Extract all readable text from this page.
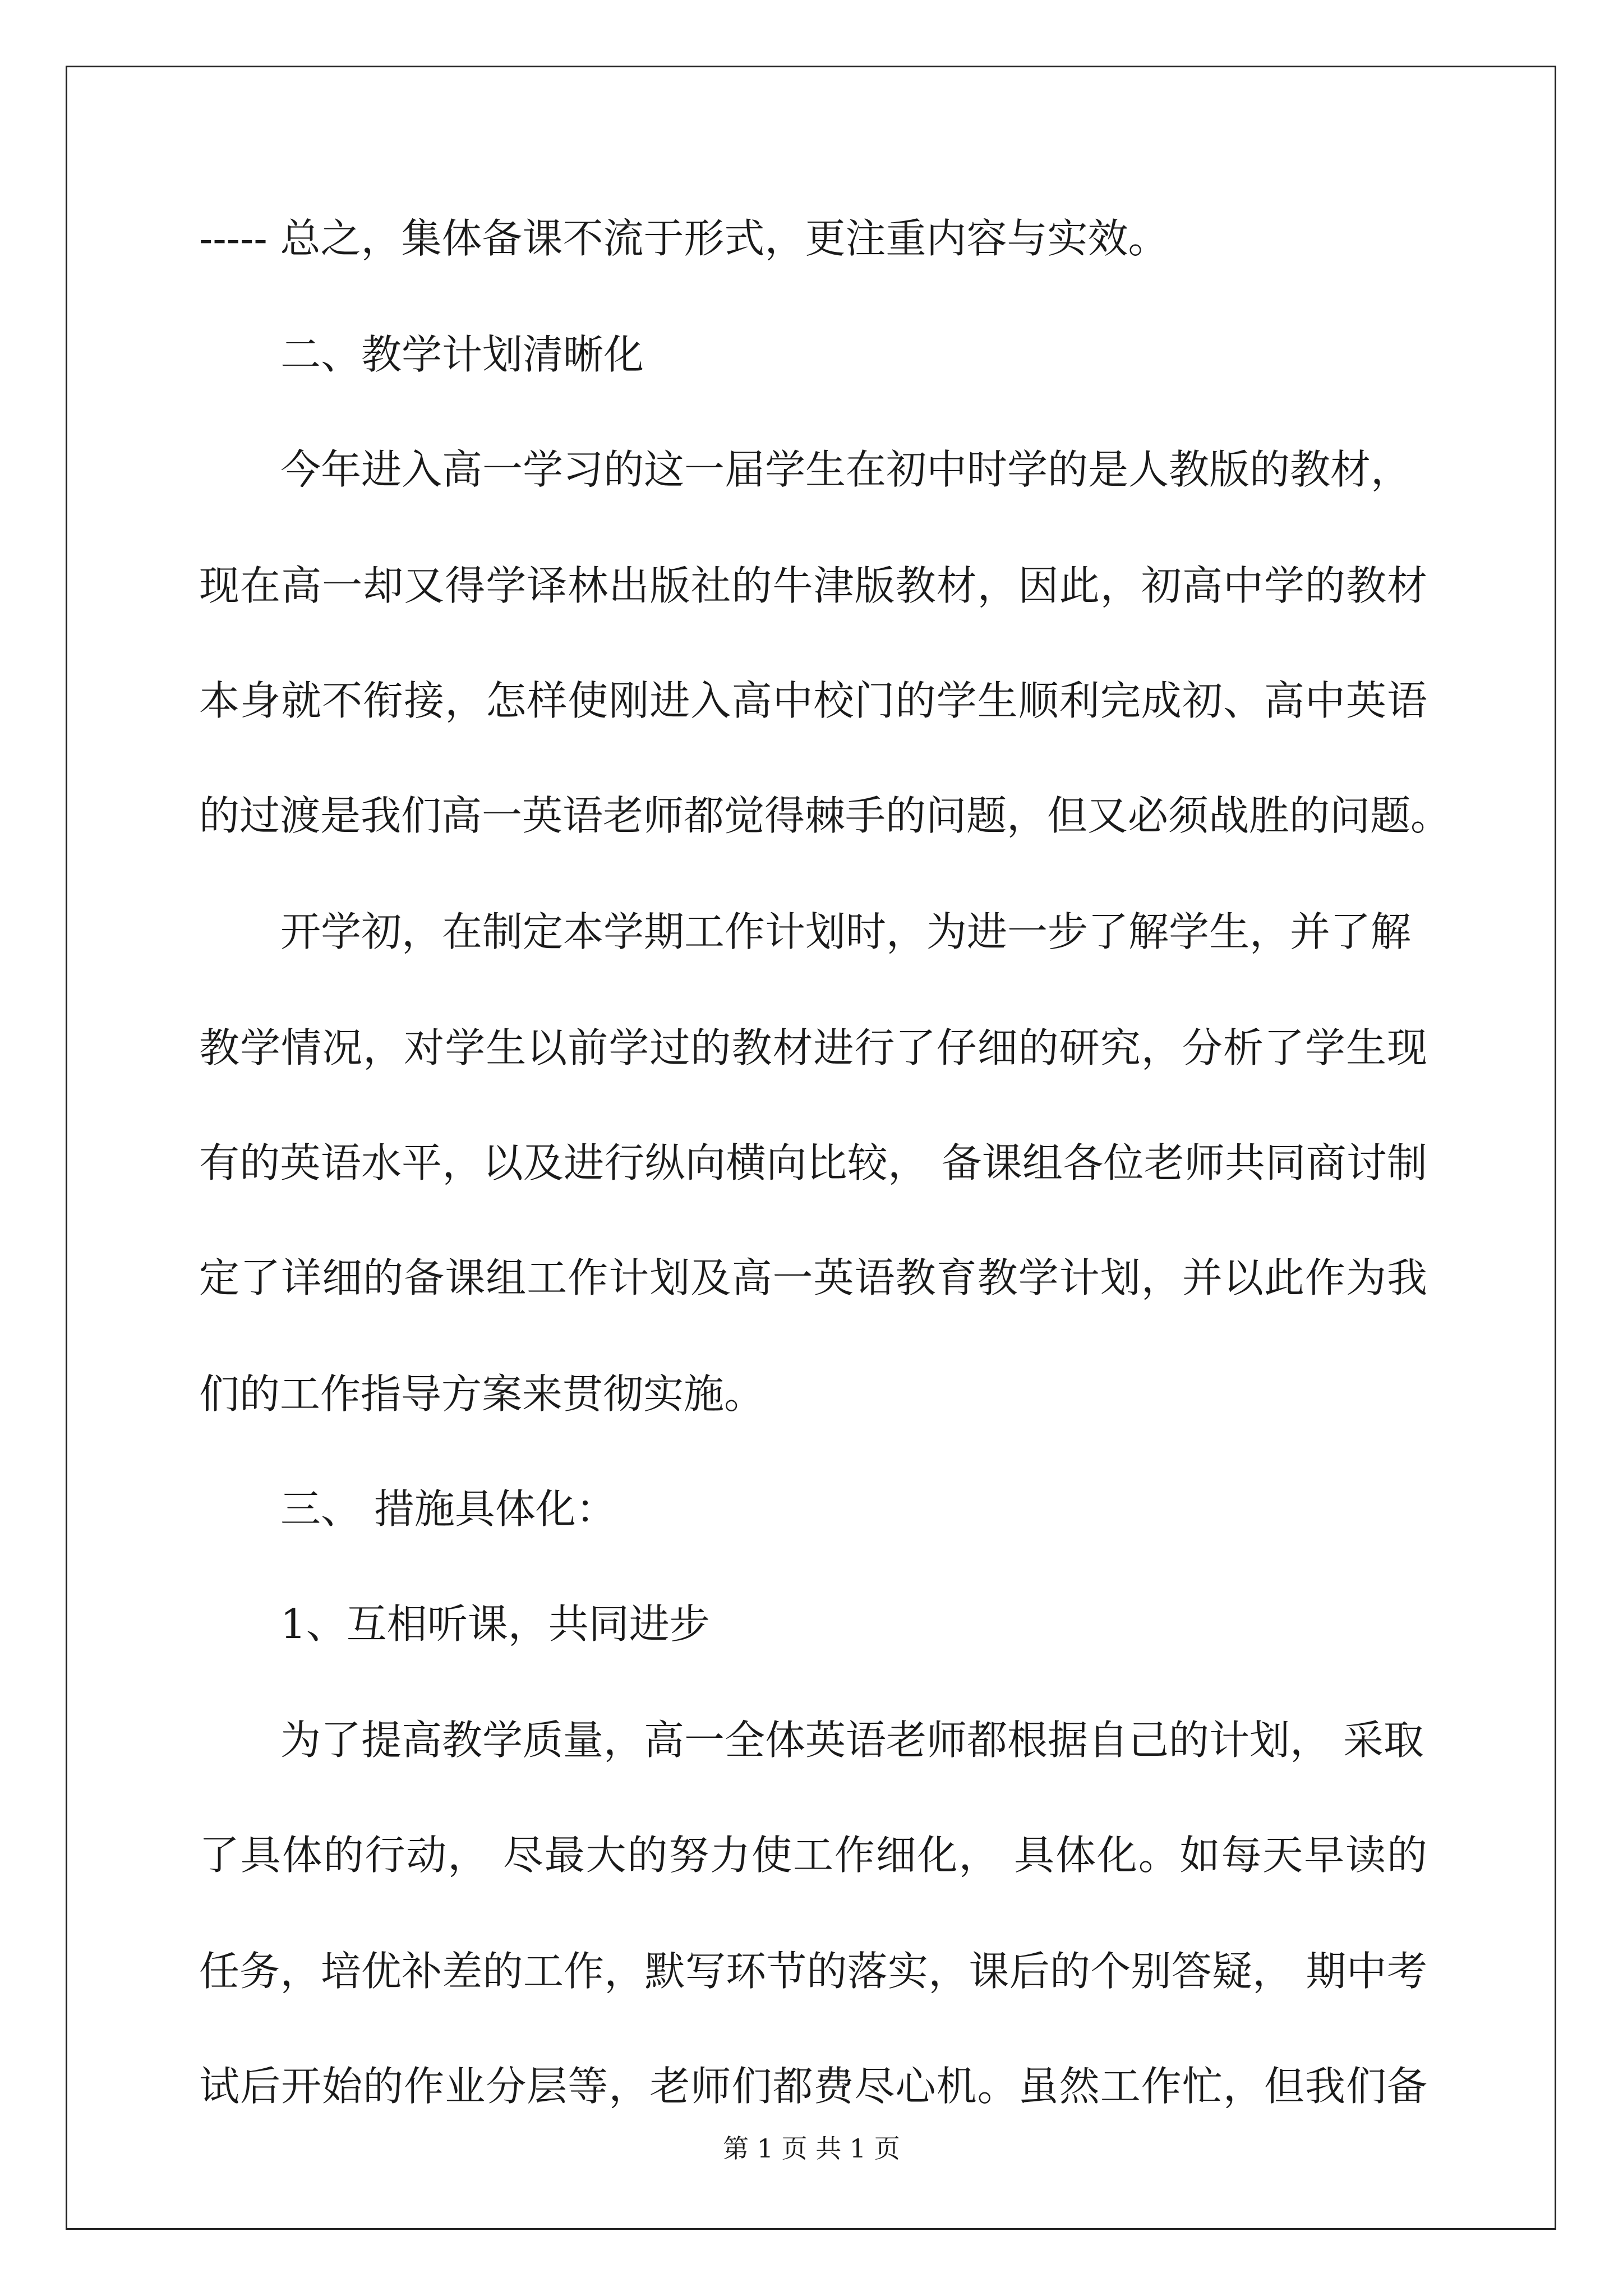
----- 总之，集体备课不流于形式，更注重内容与实效。
二、教学计划清晰化
今年进入高一学习的这一届学生在初中时学的是人教版的教材，
现在高一却又得学译林出版社的牛津版教材，因此，初高中学的教材
本身就不衔接，怎样使刚进入高中校门的学生顺利完成初、高中英语
的过渡是我们高一英语老师都觉得棘手的问题，但又必须战胜的问题。
开学初，在制定本学期工作计划时，为进一步了解学生，并了解
教学情况，对学生以前学过的教材进行了仔细的研究，分析了学生现
有的英语水平，以及进行纵向横向比较， 备课组各位老师共同商讨制
定了详细的备课组工作计划及高一英语教育教学计划，并以此作为我
们的工作指导方案来贯彻实施。
三、 措施具体化：
1、互相听课，共同进步
为了提高教学质量，高一全体英语老师都根据自己的计划， 采取
了具体的行动， 尽最大的努力使工作细化， 具体化。如每天早读的
任务，培优补差的工作，默写环节的落实，课后的个别答疑， 期中考
试后开始的作业分层等，老师们都费尽心机。虽然工作忙，但我们备
第 1 页 共 1 页
